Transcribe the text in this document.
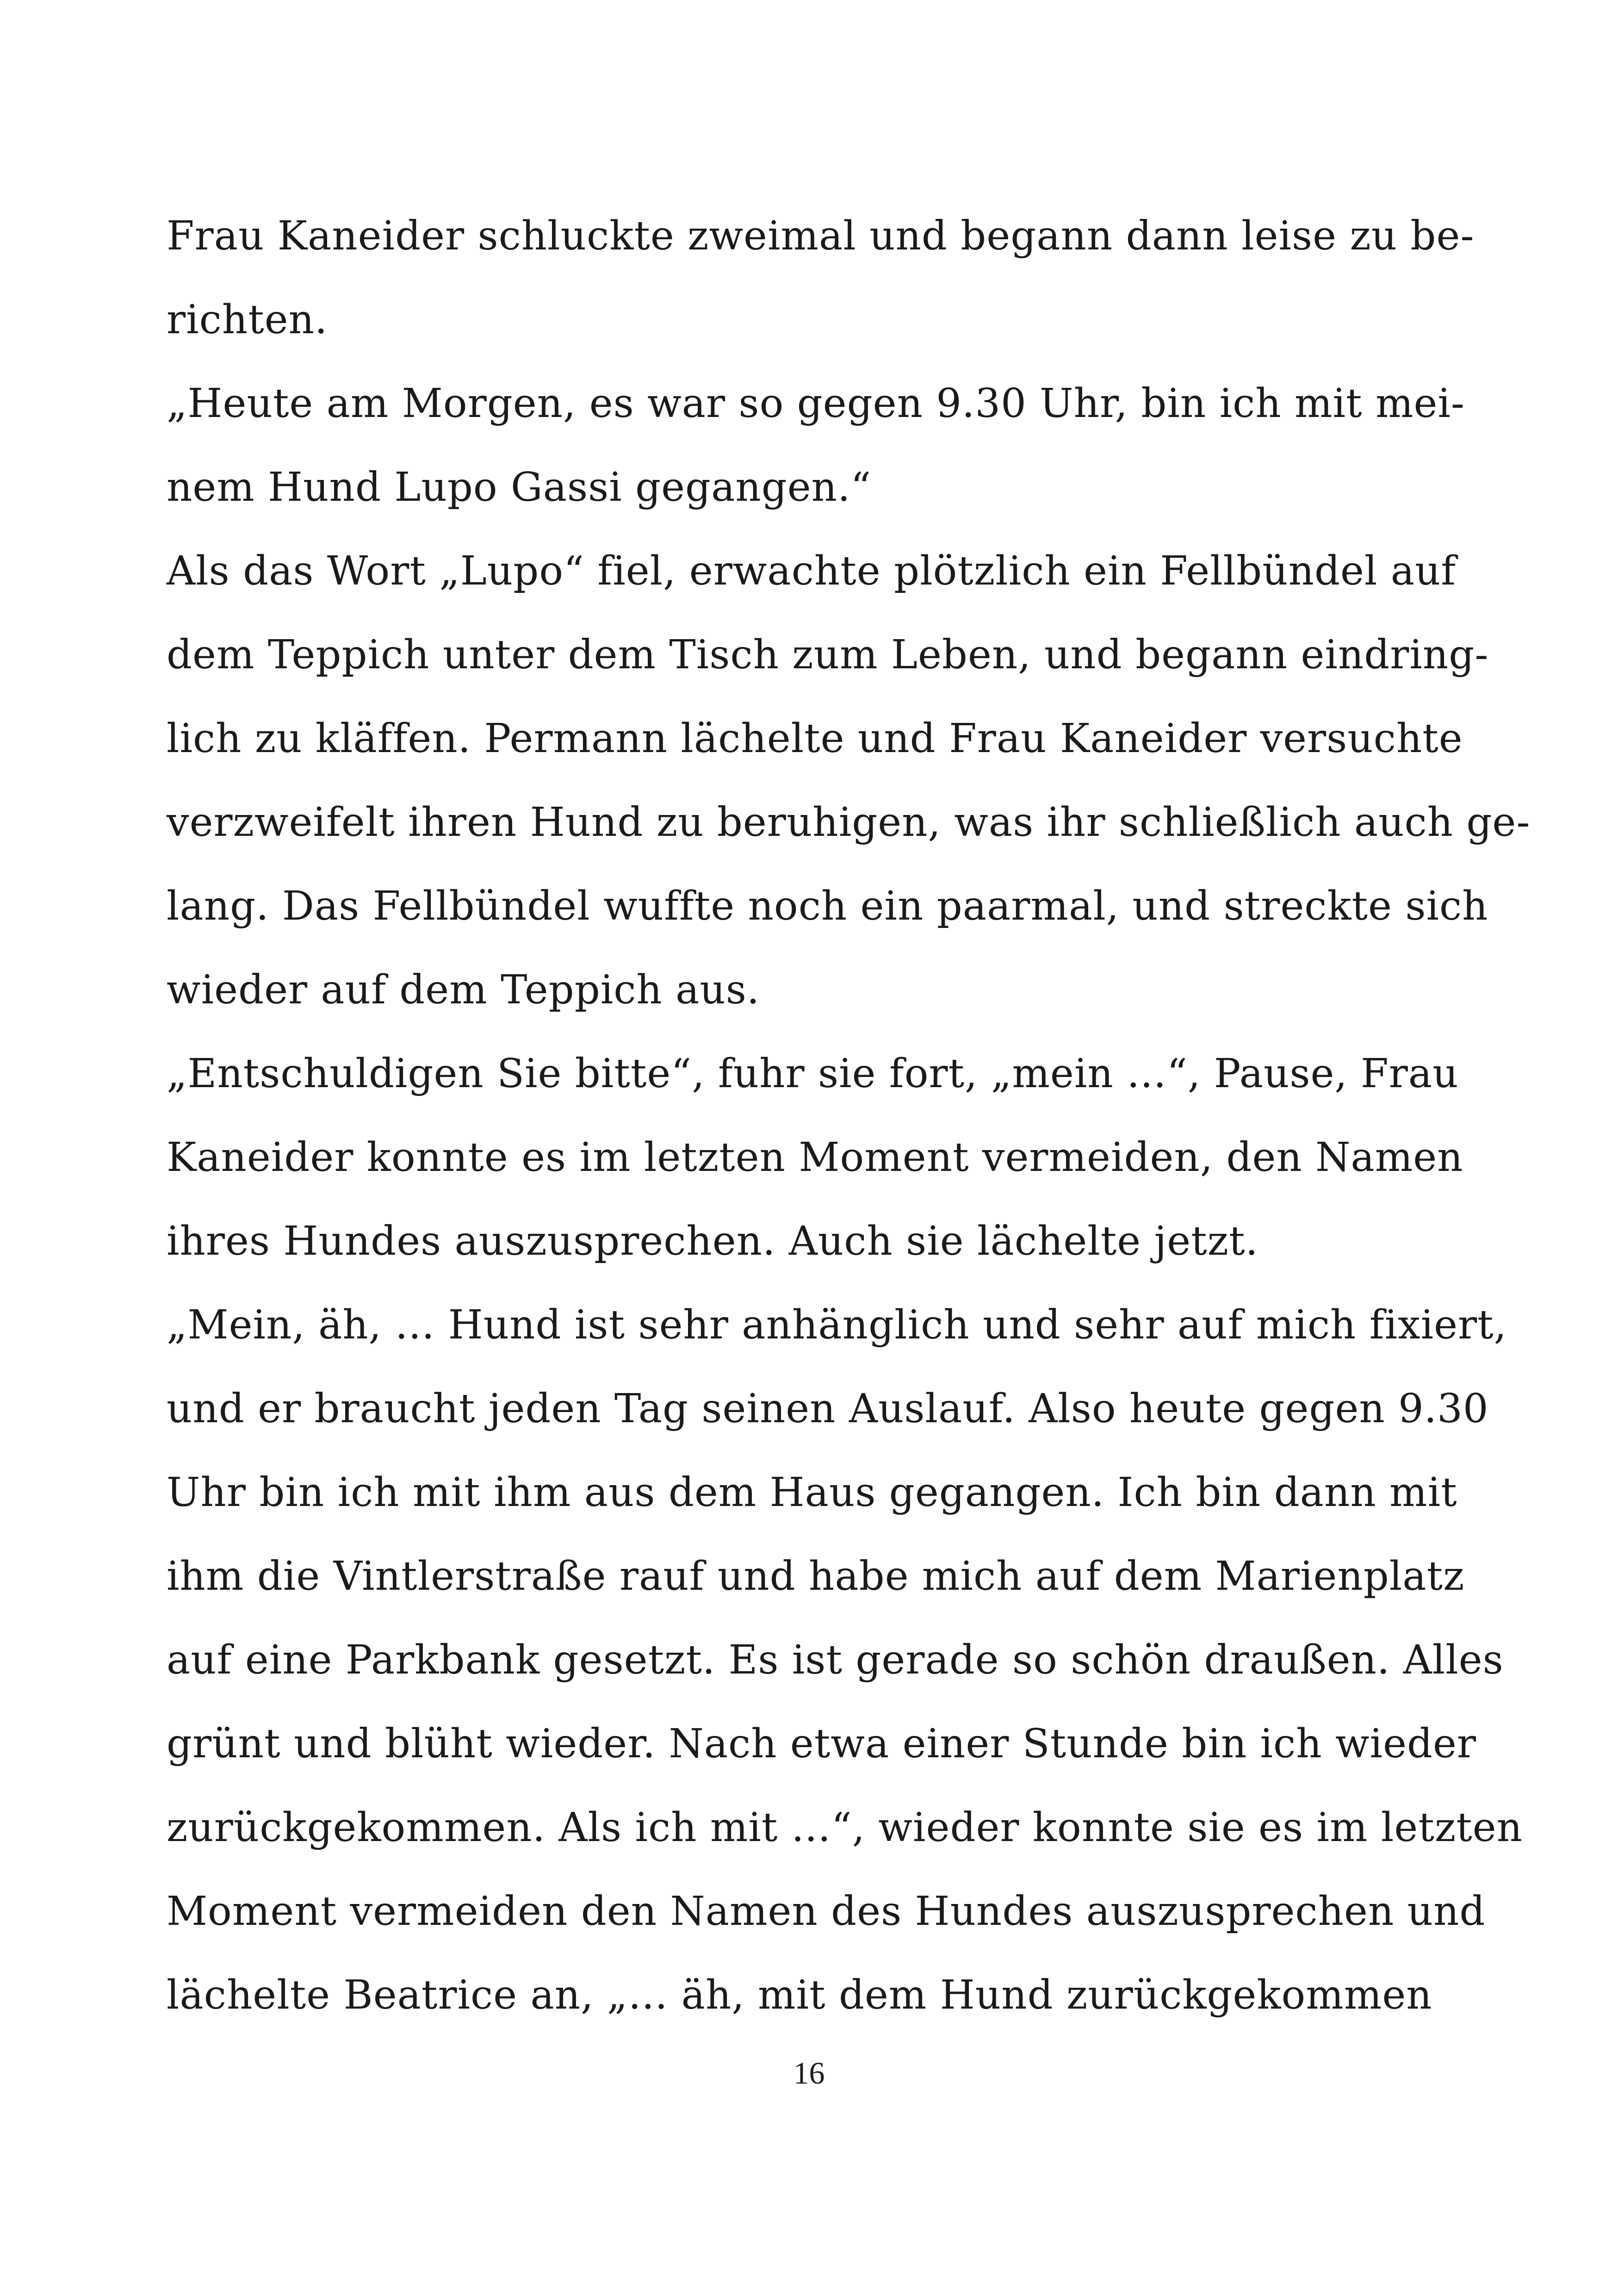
Frau Kaneider schluckte zweimal und begann dann leise zu be-
richten.
„Heute am Morgen, es war so gegen 9.30 Uhr, bin ich mit mei-
nem Hund Lupo Gassi gegangen.“
Als das Wort „Lupo“ fiel, erwachte plötzlich ein Fellbündel auf
dem Teppich unter dem Tisch zum Leben, und begann eindring-
lich zu kläffen. Permann lächelte und Frau Kaneider versuchte
verzweifelt ihren Hund zu beruhigen, was ihr schließlich auch ge-
lang. Das Fellbündel wuffte noch ein paarmal, und streckte sich
wieder auf dem Teppich aus.
„Entschuldigen Sie bitte“, fuhr sie fort, „mein …“, Pause, Frau
Kaneider konnte es im letzten Moment vermeiden, den Namen
ihres Hundes auszusprechen. Auch sie lächelte jetzt.
„Mein, äh, … Hund ist sehr anhänglich und sehr auf mich fixiert,
und er braucht jeden Tag seinen Auslauf. Also heute gegen 9.30
Uhr bin ich mit ihm aus dem Haus gegangen. Ich bin dann mit
ihm die Vintlerstraße rauf und habe mich auf dem Marienplatz
auf eine Parkbank gesetzt. Es ist gerade so schön draußen. Alles
grünt und blüht wieder. Nach etwa einer Stunde bin ich wieder
zurückgekommen. Als ich mit …“, wieder konnte sie es im letzten
Moment vermeiden den Namen des Hundes auszusprechen und
lächelte Beatrice an, „… äh, mit dem Hund zurückgekommen
16
